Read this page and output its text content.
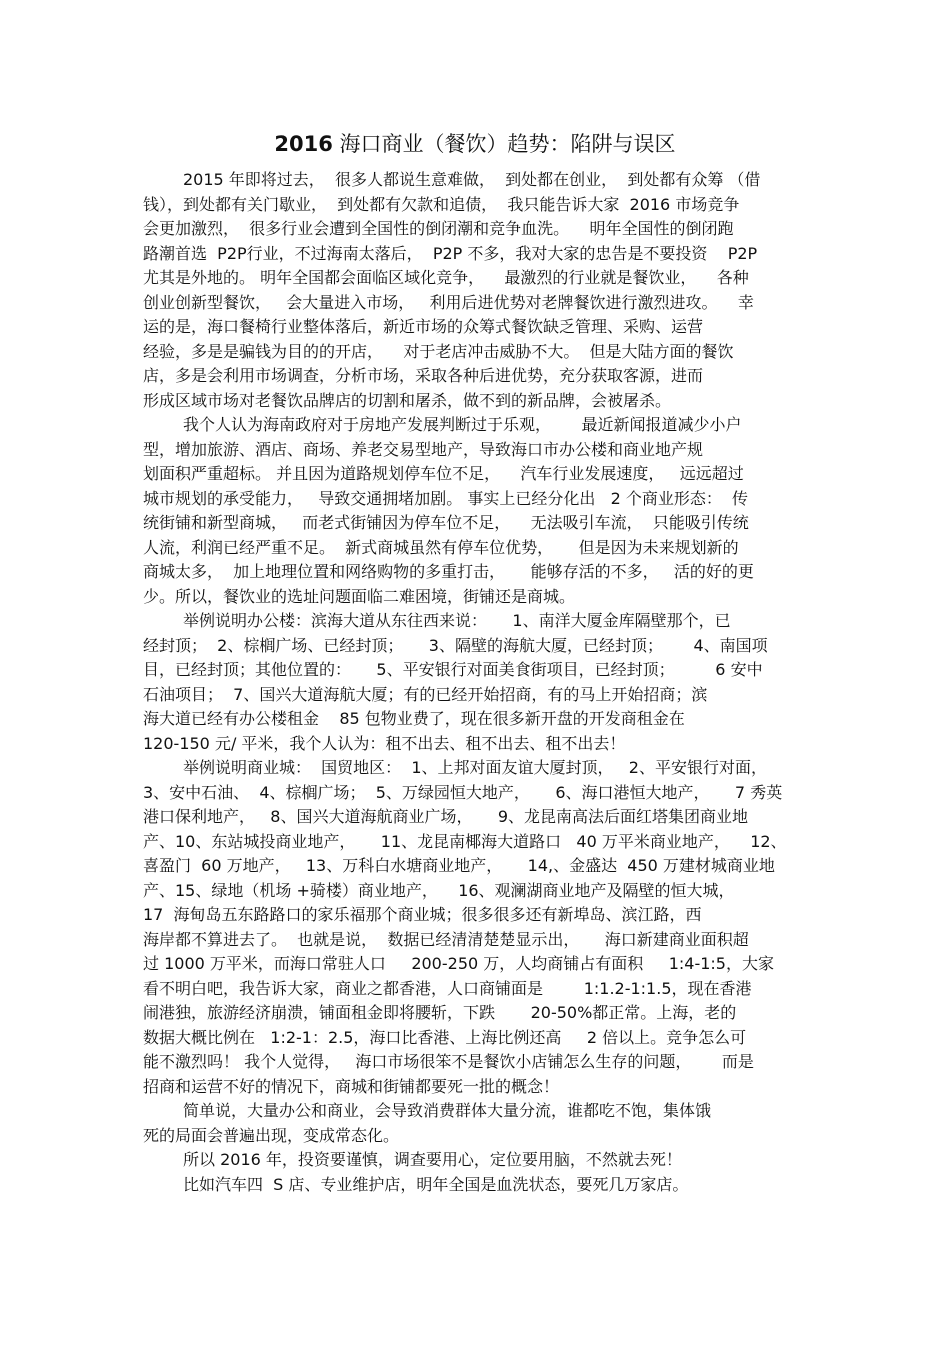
2016 海口商业（餐饮）趋势：陷阱与误区
2015 年即将过去，  很多人都说生意难做，  到处都在创业，  到处都有众筹 （借
钱），到处都有关门歇业，  到处都有欠款和追债，  我只能告诉大家  2016 市场竞争
会更加激烈，  很多行业会遭到全国性的倒闭潮和竞争血洗。    明年全国性的倒闭跑
路潮首选  P2P行业，不过海南太落后，  P2P 不多，我对大家的忠告是不要投资    P2P
尤其是外地的。 明年全国都会面临区域化竞争，    最激烈的行业就是餐饮业，    各种
创业创新型餐饮，   会大量进入市场，   利用后进优势对老牌餐饮进行激烈进攻。    幸
运的是，海口餐椅行业整体落后，新近市场的众筹式餐饮缺乏管理、采购、运营
经验，多是是骗钱为目的的开店，    对于老店冲击威胁不大。  但是大陆方面的餐饮
店，多是会利用市场调查，分析市场，采取各种后进优势，充分获取客源，进而
形成区域市场对老餐饮品牌店的切割和屠杀，做不到的新品牌，会被屠杀。
我个人认为海南政府对于房地产发展判断过于乐观，      最近新闻报道减少小户
型，增加旅游、酒店、商场、养老交易型地产，导致海口市办公楼和商业地产规
划面积严重超标。 并且因为道路规划停车位不足，    汽车行业发展速度，   远远超过
城市规划的承受能力，   导致交通拥堵加剧。 事实上已经分化出   2 个商业形态：  传
统街铺和新型商城，   而老式街铺因为停车位不足，    无法吸引车流，  只能吸引传统
人流，利润已经严重不足。  新式商城虽然有停车位优势，     但是因为未来规划新的
商城太多，  加上地理位置和网络购物的多重打击，     能够存活的不多，   活的好的更
少。所以，餐饮业的选址问题面临二难困境，街铺还是商城。
举例说明办公楼：滨海大道从东往西来说：     1、南洋大厦金库隔壁那个，已
经封顶；  2、棕榈广场、已经封顶；     3、隔壁的海航大厦，已经封顶；      4、南国项
目，已经封顶；其他位置的：     5、平安银行对面美食街项目，已经封顶；        6 安中
石油项目；  7、国兴大道海航大厦；有的已经开始招商，有的马上开始招商；滨
海大道已经有办公楼租金    85 包物业费了，现在很多新开盘的开发商租金在
120-150 元/ 平米，我个人认为：租不出去、租不出去、租不出去！
举例说明商业城：  国贸地区：  1、上邦对面友谊大厦封顶，   2、平安银行对面，
3、安中石油、  4、棕榈广场；  5、万绿园恒大地产，     6、海口港恒大地产，     7 秀英
港口保利地产，   8、国兴大道海航商业广场，     9、龙昆南高法后面红塔集团商业地
产、10、东站城投商业地产，     11、龙昆南椰海大道路口   40 万平米商业地产，    12、
喜盈门  60 万地产，   13、万科白水塘商业地产，     14,、金盛达  450 万建材城商业地
产、15、绿地（机场 +骑楼）商业地产，    16、观澜湖商业地产及隔壁的恒大城，
17  海甸岛五东路路口的家乐福那个商业城；很多很多还有新埠岛、滨江路，西
海岸都不算进去了。  也就是说，  数据已经清清楚楚显示出，     海口新建商业面积超
过 1000 万平米，而海口常驻人口     200-250 万，人均商铺占有面积     1:4-1:5，大家
看不明白吧，我告诉大家，商业之都香港，人口商铺面是        1:1.2-1:1.5，现在香港
闹港独，旅游经济崩溃，铺面租金即将腰斩，下跌       20-50%都正常。上海，老的
数据大概比例在   1:2-1：2.5，海口比香港、上海比例还高     2 倍以上。竞争怎么可
能不激烈吗！ 我个人觉得，   海口市场很笨不是餐饮小店铺怎么生存的问题，      而是
招商和运营不好的情况下，商城和街铺都要死一批的概念！
简单说，大量办公和商业，会导致消费群体大量分流，谁都吃不饱，集体饿
死的局面会普遍出现，变成常态化。
所以 2016 年，投资要谨慎，调查要用心，定位要用脑，不然就去死！
比如汽车四  S 店、专业维护店，明年全国是血洗状态，要死几万家店。
